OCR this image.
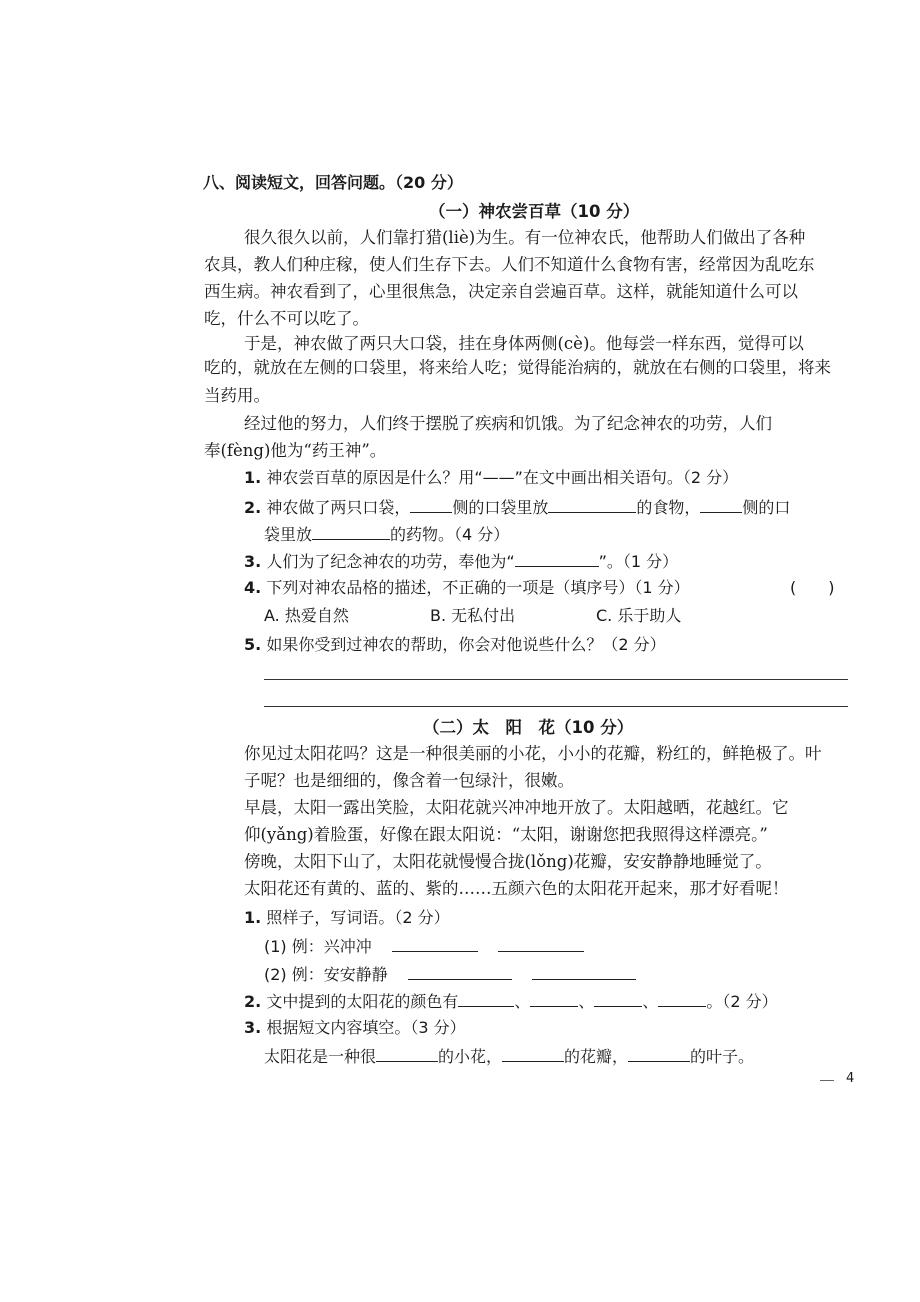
八、阅读短文，回答问题。（20 分）
（一）神农尝百草（10 分）
很久很久以前，人们靠打猎(liè)为生。有一位神农氏，他帮助人们做出了各种
农具，教人们种庄稼，使人们生存下去。人们不知道什么食物有害，经常因为乱吃东
西生病。神农看到了，心里很焦急，决定亲自尝遍百草。这样，就能知道什么可以
吃，什么不可以吃了。
于是，神农做了两只大口袋，挂在身体两侧(cè)。他每尝一样东西，觉得可以
吃的，就放在左侧的口袋里，将来给人吃；觉得能治病的，就放在右侧的口袋里，将来
当药用。
经过他的努力，人们终于摆脱了疾病和饥饿。为了纪念神农的功劳，人们
奉(fèng)他为“药王神”。
1. 神农尝百草的原因是什么？用“——”在文中画出相关语句。（2 分）
2. 神农做了两只口袋，	侧的口袋里放	的食物，	侧的口
袋里放	的药物。（4 分）
3. 人们为了纪念神农的功劳，奉他为“	”。（1 分）
4. 下列对神农品格的描述，不正确的一项是（填序号）（1 分）	(　　)
A. 热爱自然	B. 无私付出	C. 乐于助人
5. 如果你受到过神农的帮助，你会对他说些什么？（2 分）
（二）太　阳　花（10 分）
你见过太阳花吗？这是一种很美丽的小花，小小的花瓣，粉红的，鲜艳极了。叶
子呢？也是细细的，像含着一包绿汁，很嫩。
早晨，太阳一露出笑脸，太阳花就兴冲冲地开放了。太阳越晒，花越红。它
仰(yǎng)着脸蛋，好像在跟太阳说：“太阳，谢谢您把我照得这样漂亮。”
傍晚，太阳下山了，太阳花就慢慢合拢(lǒng)花瓣，安安静静地睡觉了。
太阳花还有黄的、蓝的、紫的……五颜六色的太阳花开起来，那才好看呢！
1. 照样子，写词语。（2 分）
(1) 例：兴冲冲
(2) 例：安安静静
2. 文中提到的太阳花的颜色有	、	、	、	。（2 分）
3. 根据短文内容填空。（3 分）
太阳花是一种很	的小花，	的花瓣，	的叶子。
4
